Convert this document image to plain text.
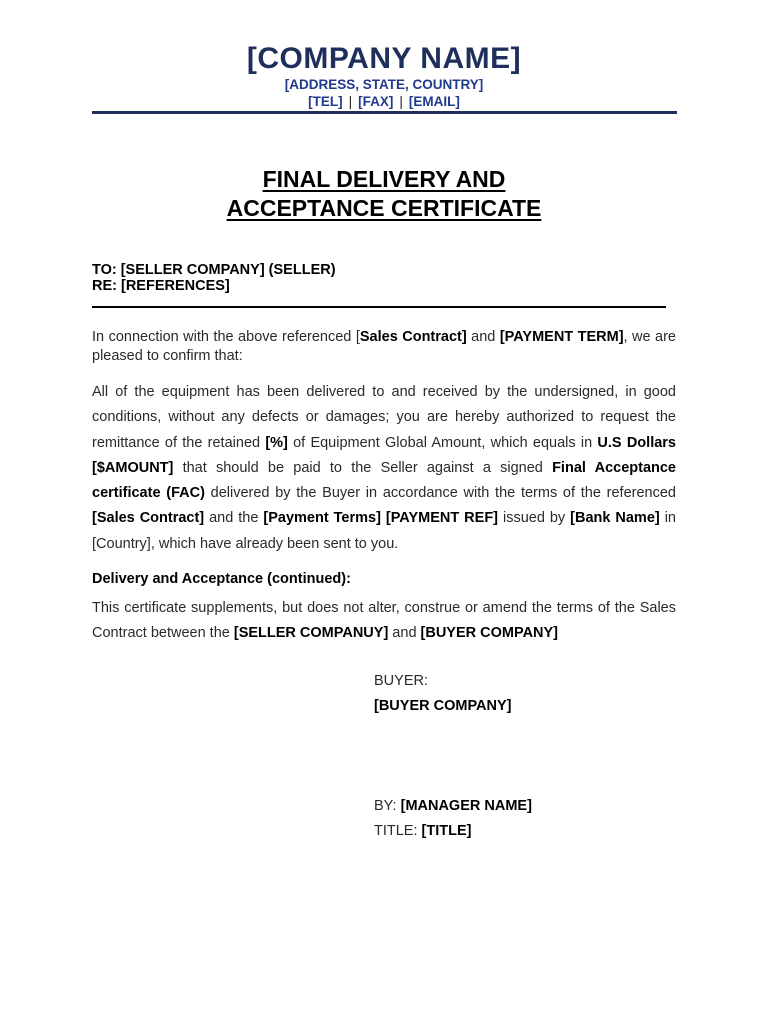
[COMPANY NAME]
[ADDRESS, STATE, COUNTRY]
[TEL] | [FAX] | [EMAIL]
FINAL DELIVERY AND
ACCEPTANCE CERTIFICATE
TO: [SELLER COMPANY] (SELLER)
RE: [REFERENCES]
In connection with the above referenced [Sales Contract] and [PAYMENT TERM], we are pleased to confirm that:
All of the equipment has been delivered to and received by the undersigned, in good conditions, without any defects or damages; you are hereby authorized to request the remittance of the retained [%] of Equipment Global Amount, which equals in U.S Dollars [$AMOUNT] that should be paid to the Seller against a signed Final Acceptance certificate (FAC) delivered by the Buyer in accordance with the terms of the referenced [Sales Contract] and the [Payment Terms] [PAYMENT REF] issued by [Bank Name] in [Country], which have already been sent to you.
Delivery and Acceptance (continued):
This certificate supplements, but does not alter, construe or amend the terms of the Sales Contract between the [SELLER COMPANUY] and [BUYER COMPANY]
BUYER:
[BUYER COMPANY]
BY: [MANAGER NAME]
TITLE: [TITLE]
